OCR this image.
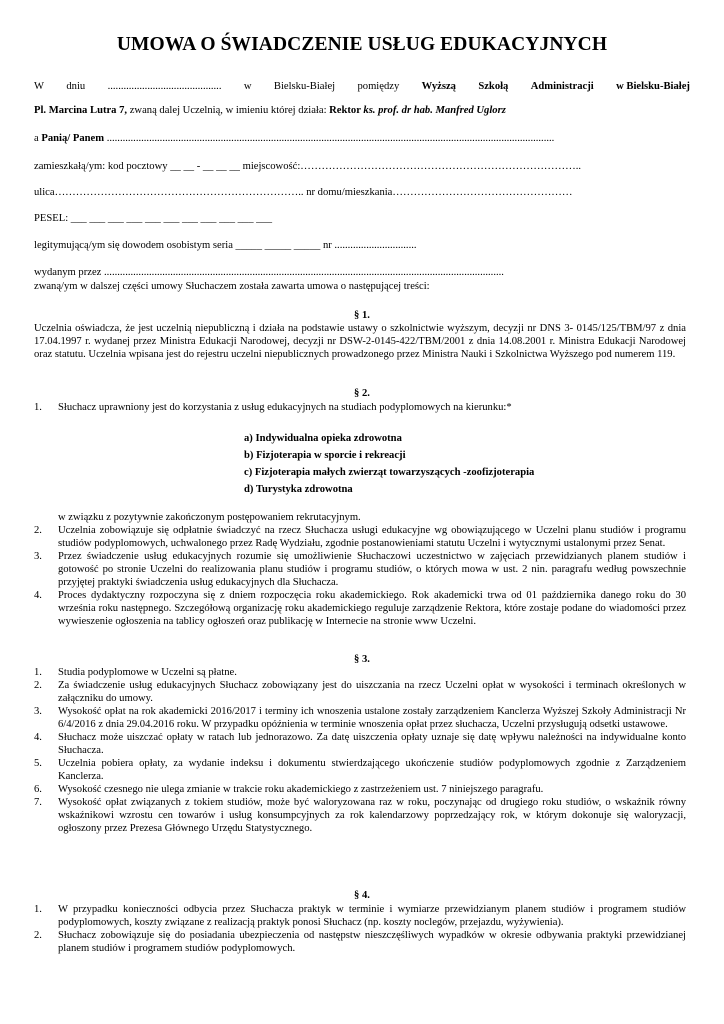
UMOWA O ŚWIADCZENIE USŁUG EDUKACYJNYCH
W dniu ........................................... w Bielsku-Białej pomiędzy Wyższą Szkołą Administracji w Bielsku-Białej
Pl. Marcina Lutra 7, zwaną dalej Uczelnią, w imieniu której działa: Rektor ks. prof. dr hab. Manfred Uglorz
a Panią/ Panem .........................................................................................................................................................................
zamieszkałą/ym: kod pocztowy __ __ - __ __ __ miejscowość:……………………………………………………………………..
ulica…………………………………………………………….. nr domu/mieszkania……………………………………………
PESEL: ___ ___ ___ ___ ___ ___ ___ ___ ___ ___ ___
legitymującą/ym się dowodem osobistym seria _____ _____ _____ nr ...............................
wydanym przez .......................................................................................................................................................
zwaną/ym w dalszej części umowy Słuchaczem została zawarta umowa o następującej treści:
§ 1.

Uczelnia oświadcza, że jest uczelnią niepubliczną i działa na podstawie ustawy o szkolnictwie wyższym, decyzji nr DNS 3- 0145/125/TBM/97 z dnia 17.04.1997 r. wydanej przez Ministra Edukacji Narodowej, decyzji nr DSW-2-0145-422/TBM/2001 z dnia 14.08.2001 r. Ministra Edukacji Narodowej oraz statutu. Uczelnia wpisana jest do rejestru uczelni niepublicznych prowadzonego przez Ministra Nauki i Szkolnictwa Wyższego pod numerem 119.

§ 2.
1. Słuchacz uprawniony jest do korzystania z usług edukacyjnych na studiach podyplomowych na kierunku:*
a) Indywidualna opieka zdrowotna
b) Fizjoterapia w sporcie i rekreacji
c) Fizjoterapia małych zwierząt towarzyszących -zoofizjoterapia
d) Turystyka zdrowotna
w związku z pozytywnie zakończonym postępowaniem rekrutacyjnym.
2. Uczelnia zobowiązuje się odpłatnie świadczyć na rzecz Słuchacza usługi edukacyjne wg obowiązującego w Uczelni planu studiów i programu studiów podyplomowych, uchwalonego przez Radę Wydziału, zgodnie postanowieniami statutu Uczelni i wytycznymi ustalonymi przez Senat.
3. Przez świadczenie usług edukacyjnych rozumie się umożliwienie Słuchaczowi uczestnictwo w zajęciach przewidzianych planem studiów i gotowość po stronie Uczelni do realizowania planu studiów i programu studiów, o których mowa w ust. 2 nin. paragrafu według powszechnie przyjętej praktyki świadczenia usług edukacyjnych dla Słuchacza.
4. Proces dydaktyczny rozpoczyna się z dniem rozpoczęcia roku akademickiego. Rok akademicki trwa od 01 października danego roku do 30 września roku następnego. Szczegółową organizację roku akademickiego reguluje zarządzenie Rektora, które zostaje podane do wiadomości przez wywieszenie ogłoszenia na tablicy ogłoszeń oraz publikację w Internecie na stronie www Uczelni.
§ 3.
1. Studia podyplomowe w Uczelni są płatne.
2. Za świadczenie usług edukacyjnych Słuchacz zobowiązany jest do uiszczania na rzecz Uczelni opłat w wysokości i terminach określonych w załączniku do umowy.
3. Wysokość opłat na rok akademicki 2016/2017 i terminy ich wnoszenia ustalone zostały zarządzeniem Kanclerza Wyższej Szkoły Administracji Nr 6/4/2016 z dnia 29.04.2016 roku. W przypadku opóźnienia w terminie wnoszenia opłat przez słuchacza, Uczelni przysługują odsetki ustawowe.
4. Słuchacz może uiszczać opłaty w ratach lub jednorazowo. Za datę uiszczenia opłaty uznaje się datę wpływu należności na indywidualne konto Słuchacza.
5. Uczelnia pobiera opłaty, za wydanie indeksu i dokumentu stwierdzającego ukończenie studiów podyplomowych zgodnie z Zarządzeniem Kanclerza.
6. Wysokość czesnego nie ulega zmianie w trakcie roku akademickiego z zastrzeżeniem ust. 7 niniejszego paragrafu.
7. Wysokość opłat związanych z tokiem studiów, może być waloryzowana raz w roku, poczynając od drugiego roku studiów, o wskaźnik równy wskaźnikowi wzrostu cen towarów i usług konsumpcyjnych za rok kalendarzowy poprzedzający rok, w którym dokonuje się waloryzacji, ogłoszony przez Prezesa Głównego Urzędu Statystycznego.
§ 4.
1. W przypadku konieczności odbycia przez Słuchacza praktyk w terminie i wymiarze przewidzianym planem studiów i programem studiów podyplomowych, koszty związane z realizacją praktyk ponosi Słuchacz (np. koszty noclegów, przejazdu, wyżywienia).
2. Słuchacz zobowiązuje się do posiadania ubezpieczenia od następstw nieszczęśliwych wypadków w okresie odbywania praktyki przewidzianej planem studiów i programem studiów podyplomowych.
